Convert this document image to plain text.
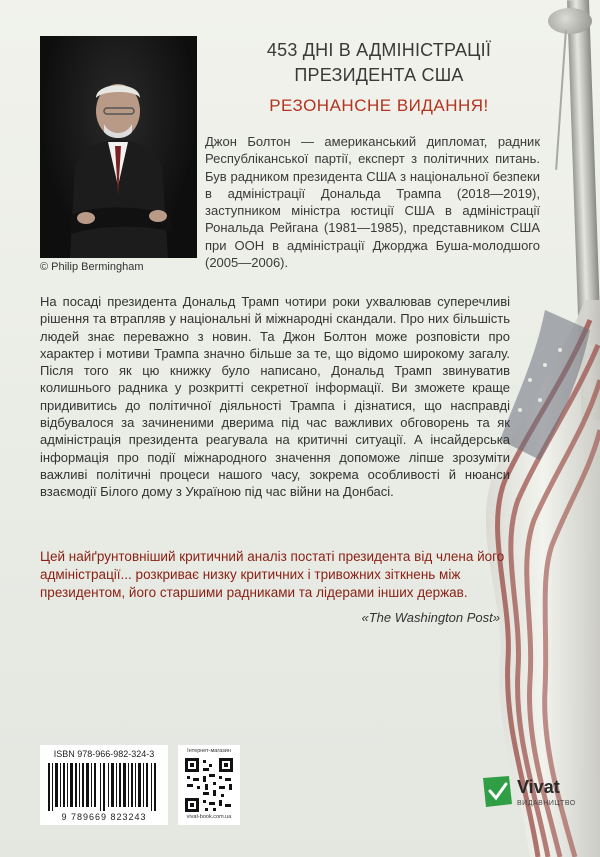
© Philip Bermingham
453 ДНІ В АДМІНІСТРАЦІЇ
ПРЕЗИДЕНТА США
РЕЗОНАНСНЕ ВИДАННЯ!
Джон Болтон — американський дипломат, радник Республіканської партії, експерт з політичних питань. Був радником президента США з національної безпеки в адміністрації Дональда Трампа (2018—2019), заступником міністра юстиції США в адміністрації Рональда Рейгана (1981—1985), представником США при ООН в адміністрації Джорджа Буша-молодшого (2005—2006).
На посаді президента Дональд Трамп чотири роки ухвалював суперечливі рішення та втрапляв у національні й міжнародні скандали. Про них більшість людей знає переважно з новин. Та Джон Болтон може розповісти про характер і мотиви Трампа значно більше за те, що відомо широкому загалу. Після того як цю книжку було написано, Дональд Трамп звинуватив колишнього радника у розкритті секретної інформації. Ви зможете краще придивитись до політичної діяльності Трампа і дізнатися, що насправді відбувалося за зачиненими дверима під час важливих обговорень та як адміністрація президента реагувала на критичні ситуації. А інсайдерська інформація про події міжнародного значення допоможе ліпше зрозуміти важливі політичні процеси нашого часу, зокрема особливості й нюанси взаємодії Білого дому з Україною під час війни на Донбасі.
Цей найґрунтовніший критичний аналіз постаті президента від члена його адміністрації... розкриває низку критичних і тривожних зіткнень між президентом, його старшими радниками та лідерами інших держав.
«The Washington Post»
ISBN 978-966-982-324-3
9 789669 823243
Інтернет-магазин
vivat-book.com.ua
Vivat
ВИДАВНИЦТВО
